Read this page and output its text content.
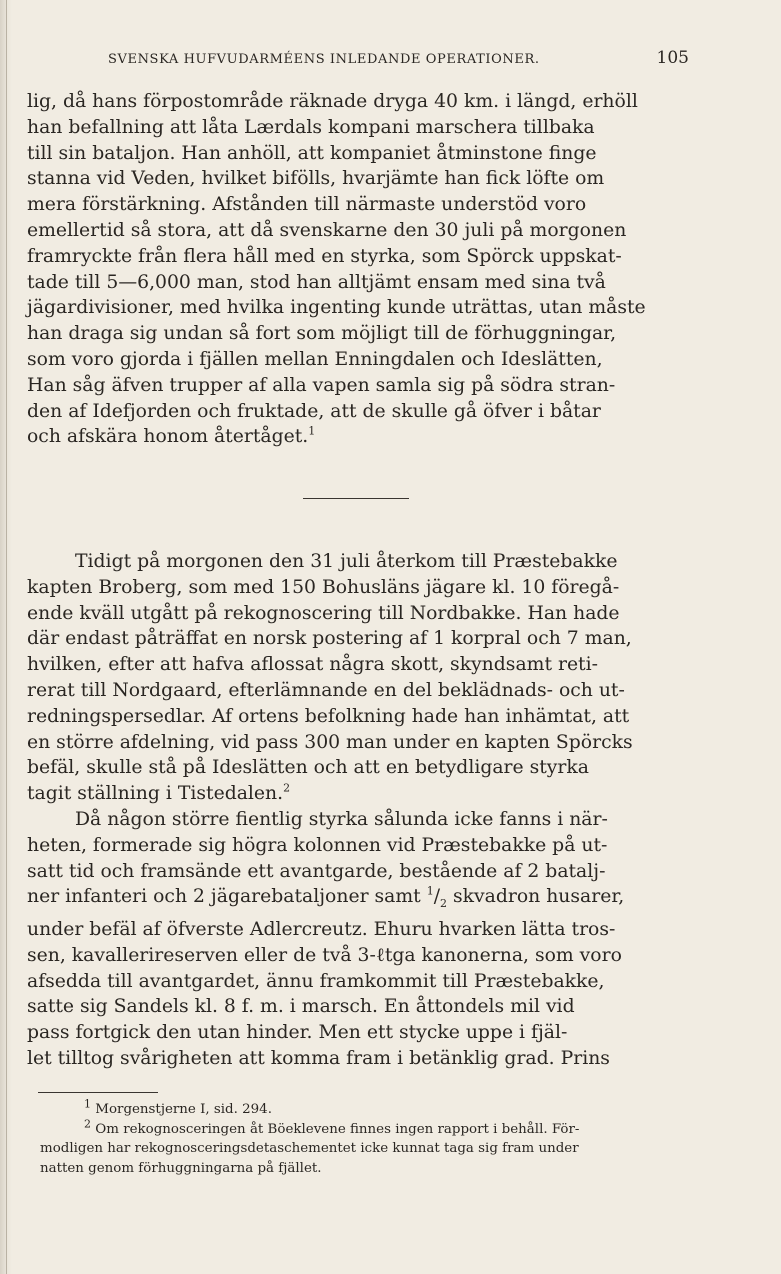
SVENSKA HUFVUDARMÉENS INLEDANDE OPERATIONER.	105
lig, då hans förpostområde räknade dryga 40 km. i längd, erhöll
han befallning att låta Lærdals kompani marschera tillbaka
till sin bataljon. Han anhöll, att kompaniet åtminstone finge
stanna vid Veden, hvilket bifölls, hvarjämte han fick löfte om
mera förstärkning. Afstånden till närmaste understöd voro
emellertid så stora, att då svenskarne den 30 juli på morgonen
framryckte från flera håll med en styrka, som Spörck uppskat-
tade till 5—6,000 man, stod han alltjämt ensam med sina två
jägardivisioner, med hvilka ingenting kunde uträttas, utan måste
han draga sig undan så fort som möjligt till de förhuggningar,
som voro gjorda i fjällen mellan Enningdalen och Ideslätten,
Han såg äfven trupper af alla vapen samla sig på södra stran-
den af Idefjorden och fruktade, att de skulle gå öfver i båtar
och afskära honom återtåget.$^1$
Tidigt på morgonen den 31 juli återkom till Præstebakke
kapten Broberg, som med 150 Bohusläns jägare kl. 10 föregå-
ende kväll utgått på rekognoscering till Nordbakke. Han hade
där endast påträffat en norsk postering af 1 korpral och 7 man,
hvilken, efter att hafva aflossat några skott, skyndsamt reti-
rerat till Nordgaard, efterlämnande en del beklädnads- och ut-
redningspersedlar. Af ortens befolkning hade han inhämtat, att
en större afdelning, vid pass 300 man under en kapten Spörcks
befäl, skulle stå på Ideslätten och att en betydligare styrka
tagit ställning i Tistedalen.$^2$
Då någon större fientlig styrka sålunda icke fanns i när-
heten, formerade sig högra kolonnen vid Præstebakke på ut-
satt tid och framsände ett avantgarde, bestående af 2 batalj-
ner infanteri och 2 jägarebataljoner samt $^1/_2$ skvadron husarer,
under befäl af öfverste Adlercreutz. Ehuru hvarken lätta tros-
sen, kavallerireserven eller de två 3-ℓtga kanonerna, som voro
afsedda till avantgardet, ännu framkommit till Præstebakke,
satte sig Sandels kl. 8 f. m. i marsch. En åttondels mil vid
pass fortgick den utan hinder. Men ett stycke uppe i fjäl-
let tilltog svårigheten att komma fram i betänklig grad. Prins
$^1$ Morgenstjerne I, sid. 294.
$^2$ Om rekognosceringen åt Böeklevene finnes ingen rapport i behåll. För-
modligen har rekognosceringsdetaschementet icke kunnat taga sig fram under
natten genom förhuggningarna på fjället.
